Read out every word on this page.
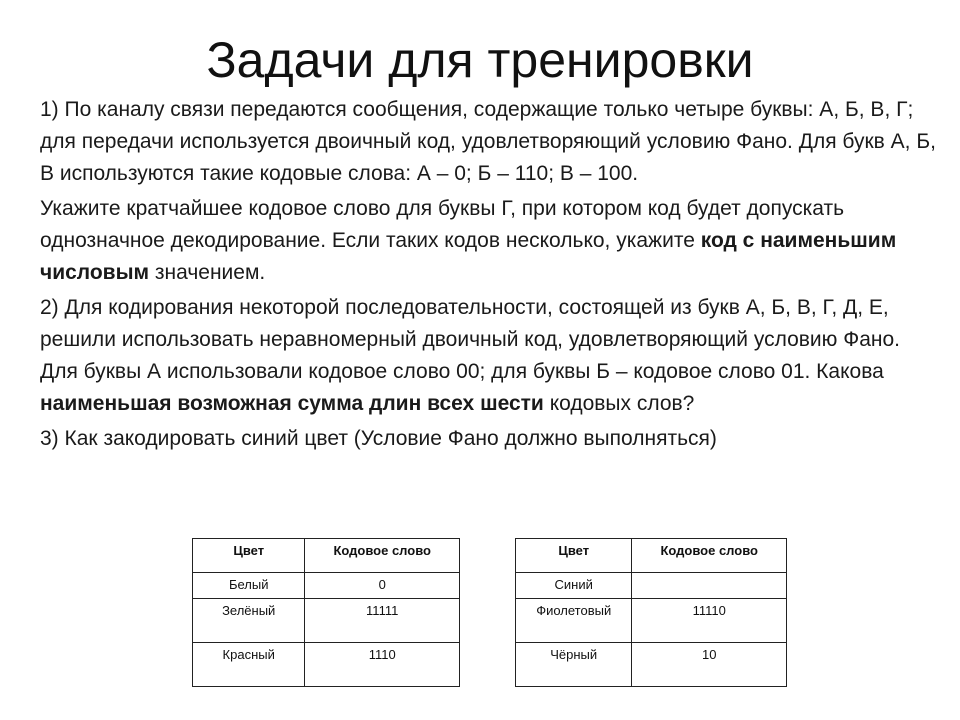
Задачи для тренировки

1) По каналу связи передаются сообщения, содержащие только четыре буквы: А, Б, В, Г; для передачи используется двоичный код, удовлетворяющий условию Фано. Для букв А, Б, В используются такие кодовые слова: А – 0; Б – 110; В – 100.

Укажите кратчайшее кодовое слово для буквы Г, при котором код будет допускать однозначное декодирование. Если таких кодов несколько, укажите код с наименьшим числовым значением.

2) Для кодирования некоторой последовательности, состоящей из букв А, Б, В, Г, Д, Е, решили использовать неравномерный двоичный код, удовлетворяющий условию Фано. Для буквы А использовали кодовое слово 00; для буквы Б – кодовое слово 01. Какова наименьшая возможная сумма длин всех шести кодовых слов?

3) Как закодировать синий цвет (Условие Фано должно выполняться)

Цвет	Кодовое слово
Белый	0
Зелёный	11111
Красный	1110
Цвет	Кодовое слово
Синий	
Фиолетовый	11110
Чёрный	10
